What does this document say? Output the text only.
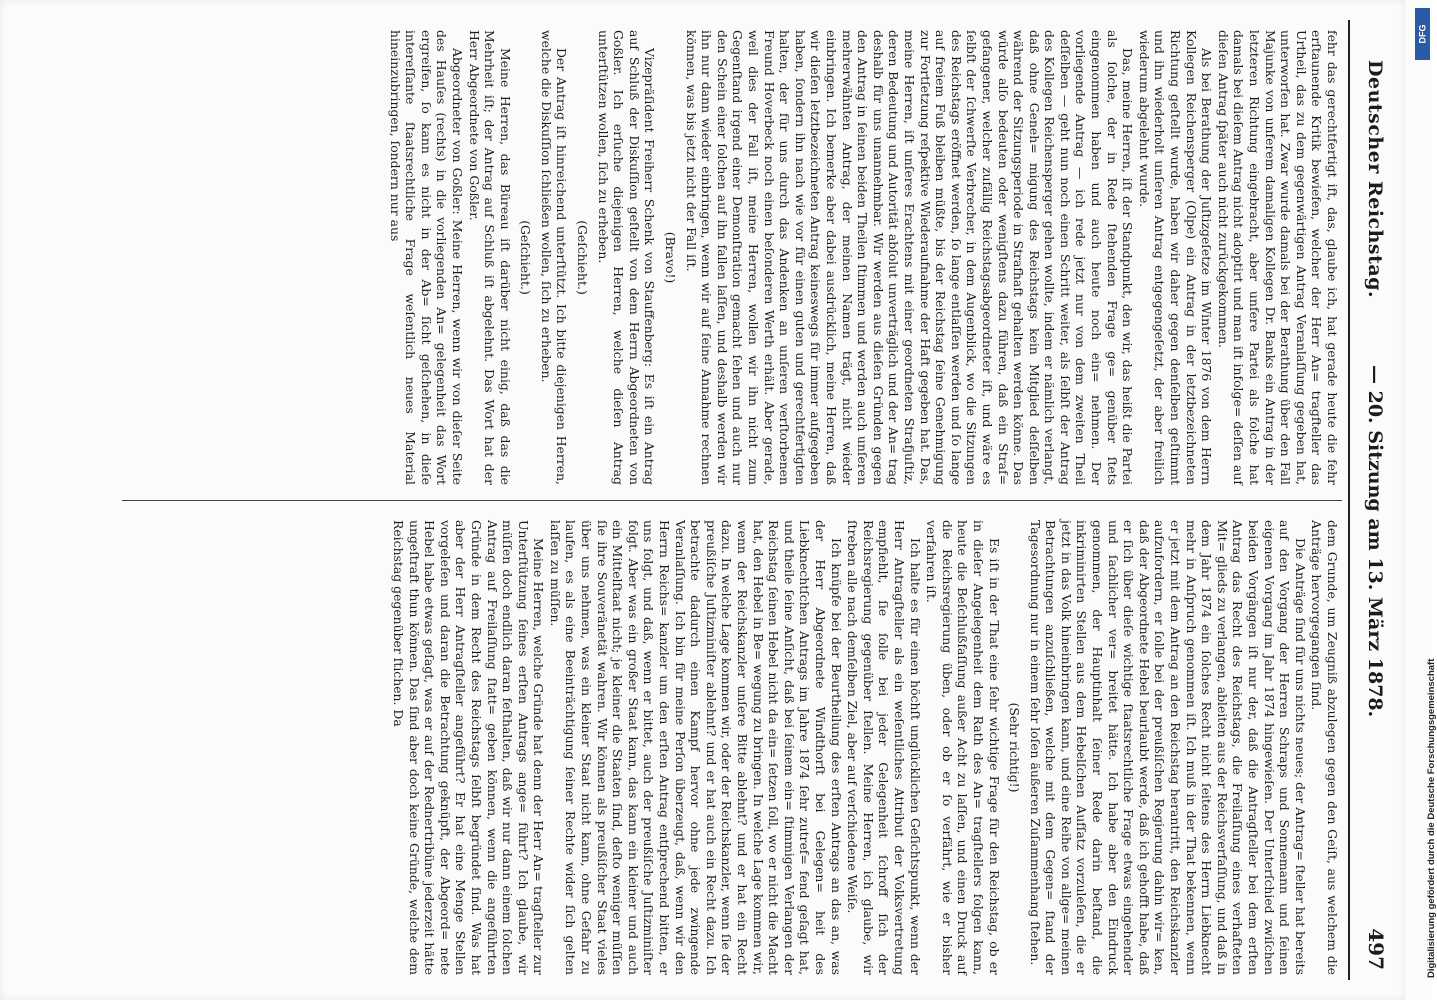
Deutscher Reichstag.
— 20. Sitzung am 13. März 1878.
497

fehr das gerechtfertigt ift, das, glaube ich, hat gerade heute die fehr erſtaunende Kritik bewiefen, welcher der Herr An= tragfteller das Urtheil, das zu dem gegenwärtigen Antrag Veranlaſſung gegeben hat, unterworfen hat. Zwar wurde damals bei der Berathung über den Fall Majunke von unferem damaligen Kollegen Dr. Banks ein Antrag in der letzteren Richtung eingebracht, aber unfere Partei als folche hat damals bei dieſem Antrag nicht adoptirt und man ift infolge= deſſen auf dieſen Antrag ſpäter auch nicht zurückgekommen.

Als bei Berathung der Juſtizgeſetze im Winter 1876 von dem Herrn Kollegen Reichensperger (Olpe) ein Antrag in der letztbezeichneten Richtung geſtellt wurde, haben wir daher gegen denſelben geſtimmt und ihn wiederholt unſeren Antrag entgegengeſetzt, der aber freilich wiederum abgelehnt wurde.

Das, meine Herren, iſt der Standpunkt, den wir, das heißt die Partei als ſolche, der in Rede ſtehenden Frage ge= genüber ſtets eingenommen haben und auch heute noch ein= nehmen. Der vorliegende Antrag — ich rede jetzt nur von dem zweiten Theil deſſelben — geht nun noch einen Schritt weiter, als ſelbſt der Antrag des Kollegen Reichensperger gehen wollte, indem er nämlich verlangt, daß ohne Geneh= migung des Reichstags kein Mitglied deſſelben während der Sitzungsperiode in Strafhaft gehalten werden könne. Das würde alſo bedeuten oder wenigſtens dazu führen, daß ein Straf= gefangener, welcher zufällig Reichstagsabgeordneter iſt, und wäre es ſelbſt der ſchwerſte Verbrecher, in dem Augenblick, wo die Sitzungen des Reichstags eröffnet werden, ſo lange entlaſſen werden und ſo lange auf freiem Fuß bleiben müßte, bis der Reichstag ſeine Genehmigung zur Fortſetzung reſpektive Wiederaufnahme der Haft gegeben hat. Das, meine Herren, iſt unſeres Erachtens mit einer geordneten Strafjuſtiz, deren Bedeutung und Autorität abſolut unverträglich und der An= trag deshalb für uns unannehmbar. Wir werden aus dieſen Gründen gegen den Antrag in ſeinen beiden Theilen ſtimmen und werden auch unſeren mehrerwähnten Antrag, der meinen Namen trägt, nicht wieder einbringen. Ich bemerke aber dabei ausdrücklich, meine Herren, daß wir dieſen letztbezeichneten Antrag keineswegs für immer aufgegeben haben, ſondern ihn nach wie vor für einen guten und gerechtfertigten halten, der für uns durch das Andenken an unſeren verſtorbenen Freund Hoverbeck noch einen beſonderen Werth erhält. Aber gerade, weil dies der Fall iſt, meine Herren, wollen wir ihn nicht zum Gegenſtand irgend einer Demonſtration gemacht ſehen und auch nur den Schein einer ſolchen auf ihn fallen laſſen, und deshalb werden wir ihn nur dann wieder einbringen, wenn wir auf ſeine Annahme rechnen können, was bis jetzt nicht der Fall iſt.

(Bravo!)

Vizepräſident Freiherr Schenk von Stauffenberg: Es iſt ein Antrag auf Schluß der Diskuſſion geſtellt von dem Herrn Abgeordneten von Goßler. Ich erſuche diejenigen Herren, welche dieſen Antrag unterſtützen wollen, ſich zu erheben.

(Geſchieht.)

Der Antrag iſt hinreichend unterſtützt. Ich bitte diejenigen Herren, welche die Diskuſſion ſchließen wollen, ſich zu erheben.

(Geſchieht.)

Meine Herren, das Büreau iſt darüber nicht einig, daß das die Mehrheit iſt; der Antrag auf Schluß iſt abgelehnt. Das Wort hat der Herr Abgeordnete von Goßler.

Abgeordneter von Goßler: Meine Herren, wenn wir von dieſer Seite des Hauſes (rechts) in die vorliegenden An= gelegenheit das Wort ergreifen, ſo kann es nicht in der Ab= ſicht geſchehen, in dieſe intereſſante ſtaatsrechtliche Frage weſentlich neues Material hineinzubringen, ſondern nur aus

dem Grunde, um Zeugniß abzulegen gegen den Geiſt, aus welchem die Anträge hervorgegangen ſind.

Die Anträge ſind für uns nichts neues; der Antrag= ſteller hat bereits auf den Vorgang der Herren Schraps und Sonnemann und ſeinen eigenen Vorgang im Jahr 1874 hingewieſen. Der Unterſchied zwiſchen beiden Vorgängen iſt nur der, daß die Antragſteller bei dem erſten Antrag das Recht des Reichstags, die Freilaſſung eines verhafteten Mit= glieds zu verlangen, ableiten aus der Reichsverfaſſung, und daß in dem Jahr 1874 ein ſolches Recht nicht ſeitens des Herrn Liebknecht mehr in Anſpruch genommen iſt. Ich muß in der That bekennen, wenn er jetzt mit dem Antrag an den Reichstag herantritt, den Reichskanzler aufzufordern, er ſolle bei der preußiſchen Regierung dahin wir= ken, daß der Abgeordnete Hebel beurlaubt werde, daß ich gehofft habe, daß er ſich über dieſe wichtige ſtaatsrechtliche Frage etwas eingehender und ſachlicher ver= breitet hätte. Ich habe aber den Eindruck genommen, der Hauptinhalt ſeiner Rede darin beſtand, die inkriminirten Stellen aus dem Hebelſchen Aufſatz vorzuleſen, die er jetzt in das Volk hineinbringen kann, und eine Reihe von allge= meinen Betrachtungen anzuſchließen, welche mit dem Gegen= ſtand der Tagesordnung nur in einem ſehr loſen äußeren Zuſammenhang ſtehen.

(Sehr richtig!)

Es iſt in der That eine ſehr wichtige Frage für den Reichstag, ob er in dieſer Angelegenheit dem Rath des An= tragſtellers folgen kann, heute die Beſchlußfaſſung außer Acht zu laſſen, und einen Druck auf die Reichsregierung üben, oder ob er ſo verfährt, wie er bisher verfahren iſt.

Ich halte es für einen höchſt unglücklichen Geſichtspunkt, wenn der Herr Antragſteller als ein weſentliches Attribut der Volksvertretung empfiehlt, ſie ſolle bei jeder Gelegenheit ſchroff ſich der Reichsregierung gegenüber ſtellen. Meine Herren, ich glaube, wir ſtreben alle nach demſelben Ziel, aber auf verſchiedene Weiſe.

Ich knüpfe bei der Beurtheilung des erſten Antrags an das an, was der Herr Abgeordnete Windthorſt bei Gelegen= heit des Liebknechtſchen Antrags im Jahre 1874 ſehr zutref= fend geſagt hat, und theile ſeine Anſicht, daß bei ſeinem ein= ſtimmigen Verlangen der Reichstag ſeinen Hebel nicht da ein= ſetzen ſoll, wo er nicht die Macht hat, den Hebel in Be= wegung zu bringen. In welche Lage kommen wir, wenn der Reichskanzler unſere Bitte ablehnt? und er hat ein Recht dazu. In welche Lage kommen wir, oder der Reichskanzler, wenn ſie der preußiſche Juſtizminiſter ablehnt? und er hat auch ein Recht dazu. Ich betrachte dadurch einen Kampf hervor ohne jede zwingende Veranlaſſung. Ich bin für meine Perſon überzeugt, daß, wenn wir den Herrn Reichs= kanzler um den erſten Antrag entſprechend bitten, er uns folgt, und daß, wenn er bittet, auch der preußiſche Juſtizminiſter folgt. Aber was ein großer Staat kann, das kann ein kleiner und auch ein Mittelſtaat nicht; je kleiner die Staaten ſind, deſto weniger müſſen ſie ihre Souveränetät wahren. Wir können als preußiſcher Staat vieles über uns nehmen, was ein kleiner Staat nicht kann, ohne Gefahr zu laufen, es als eine Beeinträchtigung ſeiner Rechte wider ſich gelten laſſen zu müſſen.

Meine Herren, welche Gründe hat denn der Herr An= tragſteller zur Unterſtützung ſeines erſten Antrags ange= führt? Ich glaube, wir müſſen doch endlich daran feſthalten, daß wir nur dann einem ſolchen Antrag auf Freilaſſung ſtatt= geben können, wenn die angeführten Gründe in dem Recht des Reichstags ſelbſt begründet ſind. Was hat aber der Herr Antragſteller angeführt? Er hat eine Menge Stellen vorgeleſen und daran die Betrachtung geknüpft, der Abgeord= nete Hebel habe etwas geſagt, was er auf der Rednertribüne jederzeit hätte ungeſtraft thun können. Das ſind aber doch keine Gründe, welche dem Reichstag gegenüber ſtichen. Da

Digitalisierung gefördert durch die Deutsche Forschungsgemeinschaft
DFG
